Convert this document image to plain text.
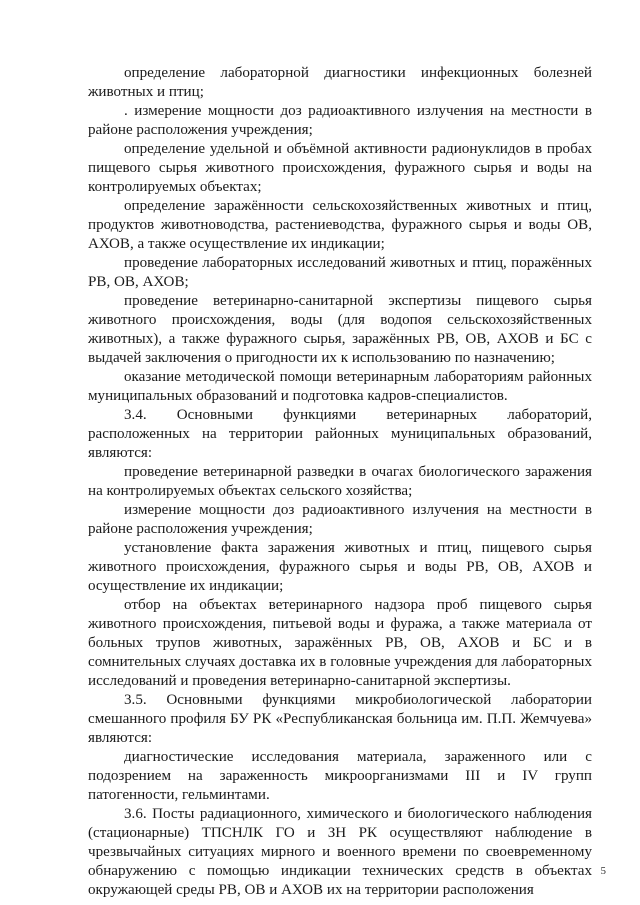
определение лабораторной диагностики инфекционных болезней животных и птиц;

. измерение мощности доз радиоактивного излучения на местности в районе расположения учреждения;

определение удельной и объёмной активности радионуклидов в пробах пищевого сырья животного происхождения, фуражного сырья и воды на контролируемых объектах;

определение заражённости сельскохозяйственных животных и птиц, продуктов животноводства, растениеводства, фуражного сырья и воды ОВ, АХОВ, а также осуществление их индикации;

проведение лабораторных исследований животных и птиц, поражённых РВ, ОВ, АХОВ;

проведение ветеринарно-санитарной экспертизы пищевого сырья животного происхождения, воды (для водопоя сельскохозяйственных животных), а также фуражного сырья, заражённых РВ, ОВ, АХОВ и БС с выдачей заключения о пригодности их к использованию по назначению;

оказание методической помощи ветеринарным лабораториям районных муниципальных образований и подготовка кадров-специалистов.

3.4. Основными функциями ветеринарных лабораторий, расположенных на территории районных муниципальных образований, являются:

проведение ветеринарной разведки в очагах биологического заражения на контролируемых объектах сельского хозяйства;

измерение мощности доз радиоактивного излучения на местности в районе расположения учреждения;

установление факта заражения животных и птиц, пищевого сырья животного происхождения, фуражного сырья и воды РВ, ОВ, АХОВ и осуществление их индикации;

отбор на объектах ветеринарного надзора проб пищевого сырья животного происхождения, питьевой воды и фуража, а также материала от больных трупов животных, заражённых РВ, ОВ, АХОВ и БС и в сомнительных случаях доставка их в головные учреждения для лабораторных исследований и проведения ветеринарно-санитарной экспертизы.

3.5. Основными функциями микробиологической лаборатории смешанного профиля БУ РК «Республиканская больница им. П.П. Жемчуева» являются:

диагностические исследования материала, зараженного или с подозрением на зараженность микроорганизмами III и IV групп патогенности, гельминтами.

3.6. Посты радиационного, химического и биологического наблюдения (стационарные) ТПСНЛК ГО и ЗН РК осуществляют наблюдение в чрезвычайных ситуациях мирного и военного времени по своевременному обнаружению с помощью индикации технических средств в объектах окружающей среды РВ, ОВ и АХОВ их на территории расположения

5
